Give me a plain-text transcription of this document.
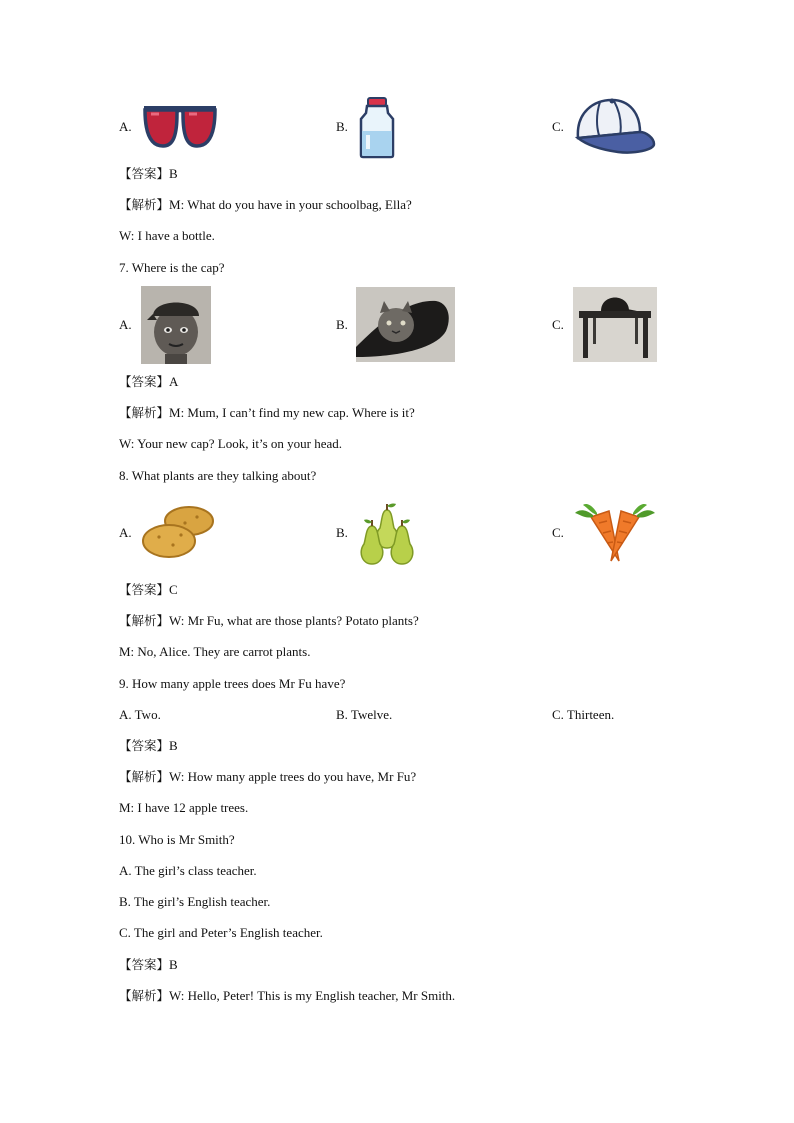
A.	B.	C.
【答案】B
【解析】M: What do you have in your schoolbag, Ella?
W: I have a bottle.
7. Where is the cap?
A.	B.	C.
【答案】A
【解析】M: Mum, I can’t find my new cap. Where is it?
W: Your new cap? Look, it’s on your head.
8. What plants are they talking about?
A.	B.	C.
【答案】C
【解析】W: Mr Fu, what are those plants? Potato plants?
M: No, Alice. They are carrot plants.
9. How many apple trees does Mr Fu have?
A. Two.	B. Twelve.	C. Thirteen.
【答案】B
【解析】W: How many apple trees do you have, Mr Fu?
M: I have 12 apple trees.
10. Who is Mr Smith?
A. The girl’s class teacher.
B. The girl’s English teacher.
C. The girl and Peter’s English teacher.
【答案】B
【解析】W: Hello, Peter! This is my English teacher, Mr Smith.
